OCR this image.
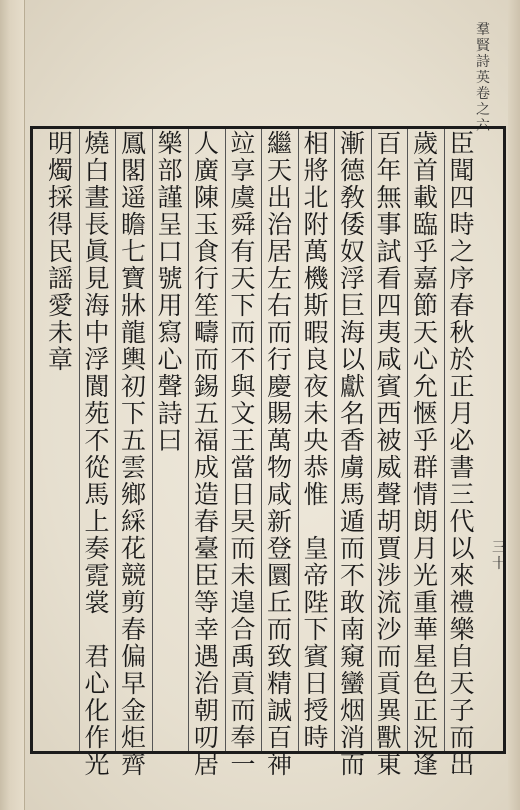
羣
賢
詩
英
卷
之
六
三
十
臣
聞
四
時
之
序
春
秋
於
正
月
必
書
三
代
以
來
禮
樂
自
天
子
而
出
歲
首
載
臨
乎
嘉
節
天
心
允
愜
乎
群
情
朗
月
光
重
華
星
色
正
況
逢
百
年
無
事
試
看
四
夷
咸
賓
西
被
威
聲
胡
賈
涉
流
沙
而
貢
異
獸
東
漸
德
敎
倭
奴
浮
巨
海
以
獻
名
香
虜
馬
遁
而
不
敢
南
窺
蠻
烟
消
而
相
將
北
附
萬
機
斯
暇
良
夜
未
央
恭
惟

皇
帝
陛
下
賓
日
授
時
繼
天
出
治
居
左
右
而
行
慶
賜
萬
物
咸
新
登
圜
丘
而
致
精
誠
百
神
竝
享
虞
舜
有
天
下
而
不
與
文
王
當
日
旲
而
未
遑
合
禹
貢
而
奉
一
人
廣
陳
玉
食
行
笙
疇
而
錫
五
福
成
造
春
臺
臣
等
幸
遇
治
朝
叨
居
樂
部
謹
呈
口
號
用
寫
心
聲
詩
曰
鳳
閣
遥
瞻
七
寶
牀
龍
輿
初
下
五
雲
鄉
綵
花
競
剪
春
偏
早
金
炬
齊
燒
白
晝
長
眞
見
海
中
浮
閬
苑
不
從
馬
上
奏
霓
裳

君
心
化
作
光
明
燭
採
得
民
謡
愛
未
章
